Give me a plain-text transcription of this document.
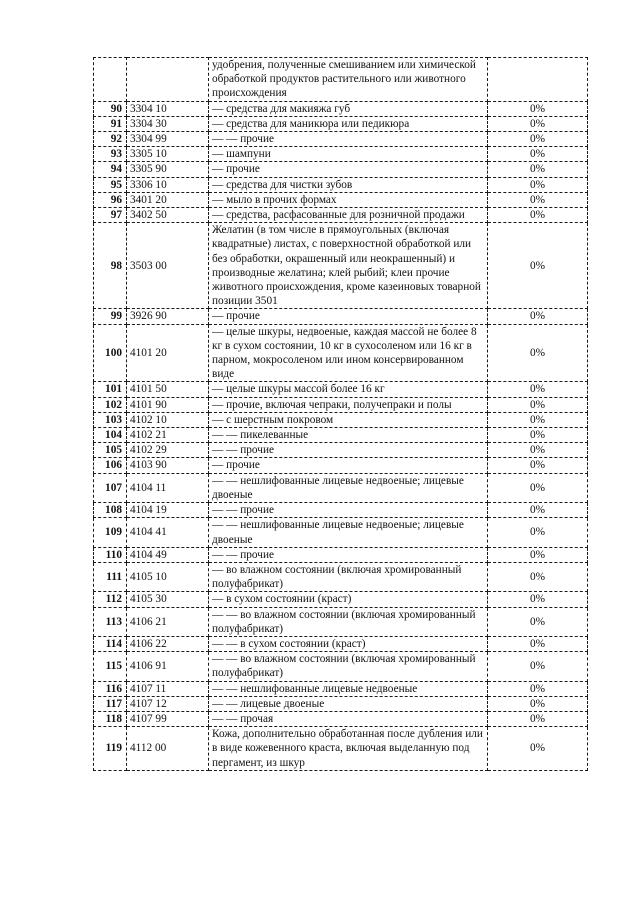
		удобрения, полученные смешиванием или химической обработкой продуктов растительного или животного происхождения	
90	3304 10	— средства для макияжа губ	0%
91	3304 30	— средства для маникюра или педикюра	0%
92	3304 99	— — прочие	0%
93	3305 10	— шампуни	0%
94	3305 90	— прочие	0%
95	3306 10	— средства для чистки зубов	0%
96	3401 20	— мыло в прочих формах	0%
97	3402 50	— средства, расфасованные для розничной продажи	0%
98	3503 00	Желатин (в том числе в прямоугольных (включая квадратные) листах, с поверхностной обработкой или без обработки, окрашенный или неокрашенный) и производные желатина; клей рыбий; клеи прочие животного происхождения, кроме казеиновых товарной позиции 3501	0%
99	3926 90	— прочие	0%
100	4101 20	— целые шкуры, недвоеные, каждая массой не более 8 кг в сухом состоянии, 10 кг в сухосоленом или 16 кг в парном, мокросоленом или ином консервированном виде	0%
101	4101 50	— целые шкуры массой более 16 кг	0%
102	4101 90	— прочие, включая чепраки, получепраки и полы	0%
103	4102 10	— с шерстным покровом	0%
104	4102 21	— — пикелеванные	0%
105	4102 29	— — прочие	0%
106	4103 90	— прочие	0%
107	4104 11	— — нешлифованные лицевые недвоеные; лицевые двоеные	0%
108	4104 19	— — прочие	0%
109	4104 41	— — нешлифованные лицевые недвоеные; лицевые двоеные	0%
110	4104 49	— — прочие	0%
111	4105 10	— во влажном состоянии (включая хромированный полуфабрикат)	0%
112	4105 30	— в сухом состоянии (краст)	0%
113	4106 21	— — во влажном состоянии (включая хромированный полуфабрикат)	0%
114	4106 22	— — в сухом состоянии (краст)	0%
115	4106 91	— — во влажном состоянии (включая хромированный полуфабрикат)	0%
116	4107 11	— — нешлифованные лицевые недвоеные	0%
117	4107 12	— — лицевые двоеные	0%
118	4107 99	— — прочая	0%
119	4112 00	Кожа, дополнительно обработанная после дубления или в виде кожевенного краста, включая выделанную под пергамент, из шкур	0%
